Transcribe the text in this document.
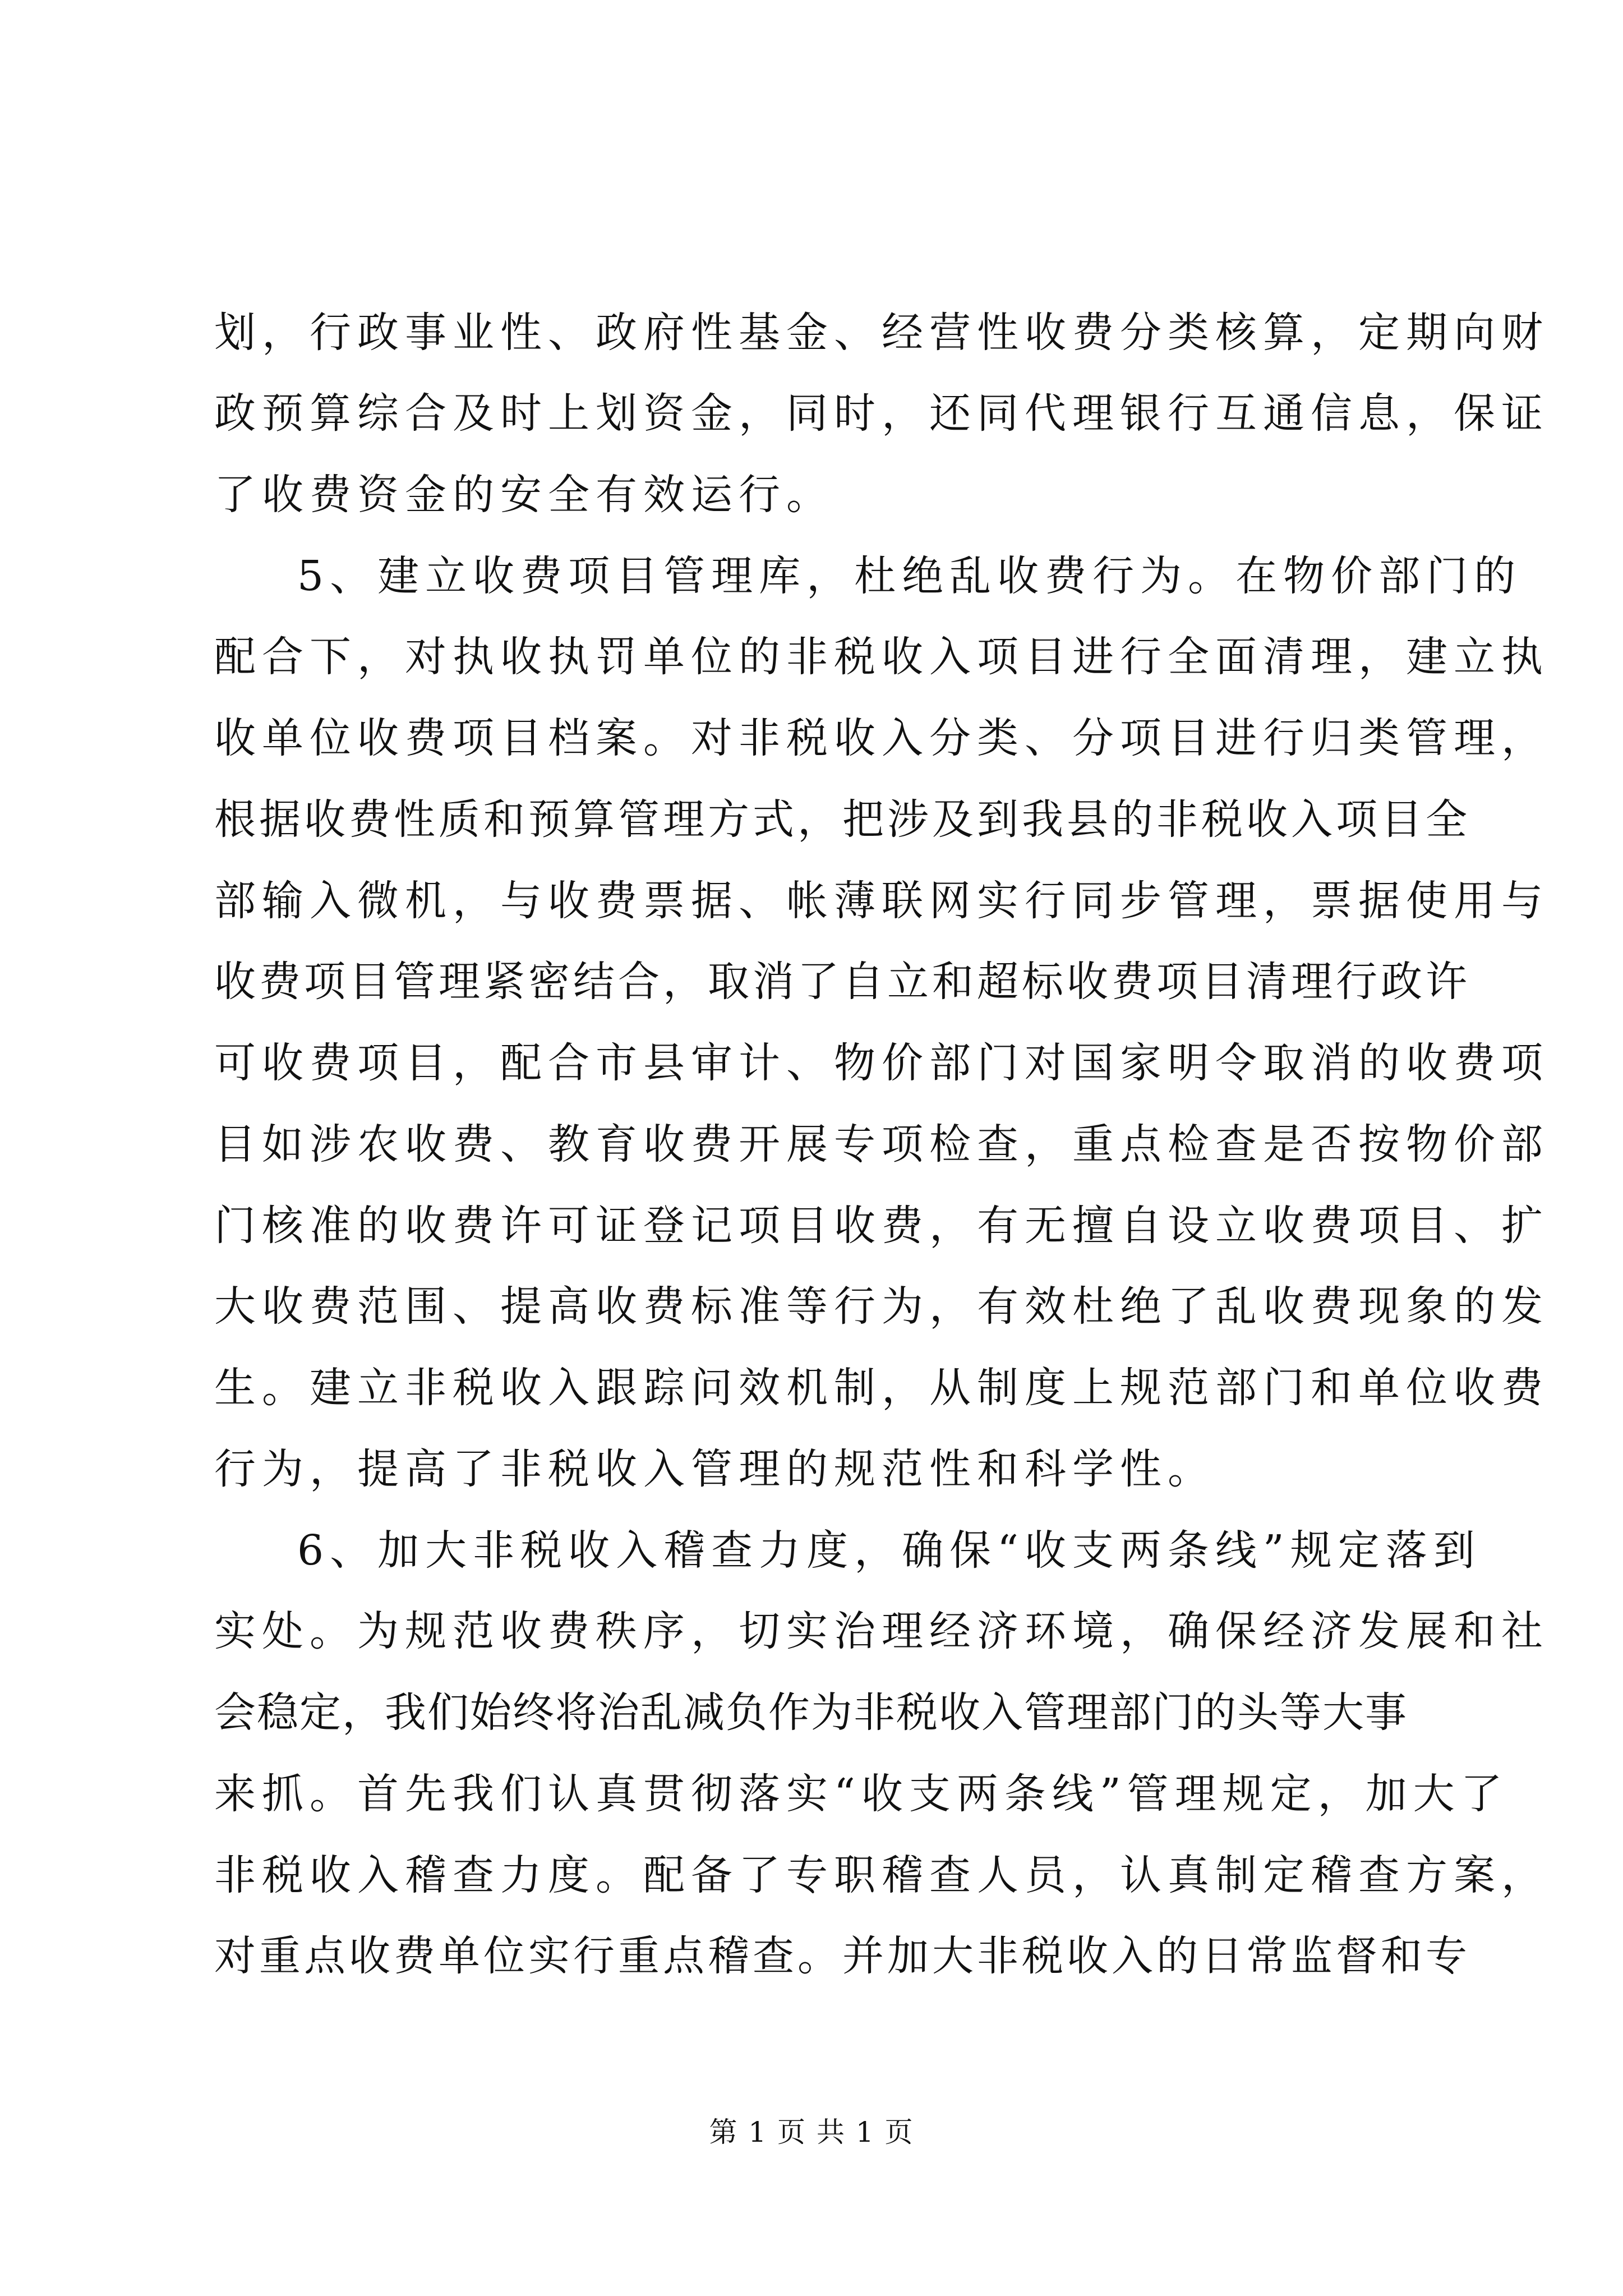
划，行政事业性、政府性基金、经营性收费分类核算，定期向财
政预算综合及时上划资金，同时，还同代理银行互通信息，保证
了收费资金的安全有效运行。
5、建立收费项目管理库，杜绝乱收费行为。在物价部门的
配合下，对执收执罚单位的非税收入项目进行全面清理，建立执
收单位收费项目档案。对非税收入分类、分项目进行归类管理，
根据收费性质和预算管理方式，把涉及到我县的非税收入项目全
部输入微机，与收费票据、帐薄联网实行同步管理，票据使用与
收费项目管理紧密结合，取消了自立和超标收费项目清理行政许
可收费项目，配合市县审计、物价部门对国家明令取消的收费项
目如涉农收费、教育收费开展专项检查，重点检查是否按物价部
门核准的收费许可证登记项目收费，有无擅自设立收费项目、扩
大收费范围、提高收费标准等行为，有效杜绝了乱收费现象的发
生。建立非税收入跟踪问效机制，从制度上规范部门和单位收费
行为，提高了非税收入管理的规范性和科学性。
6、加大非税收入稽查力度，确保“收支两条线”规定落到
实处。为规范收费秩序，切实治理经济环境，确保经济发展和社
会稳定，我们始终将治乱减负作为非税收入管理部门的头等大事
来抓。首先我们认真贯彻落实“收支两条线”管理规定，加大了
非税收入稽查力度。配备了专职稽查人员，认真制定稽查方案，
对重点收费单位实行重点稽查。并加大非税收入的日常监督和专
第 1 页 共 1 页
